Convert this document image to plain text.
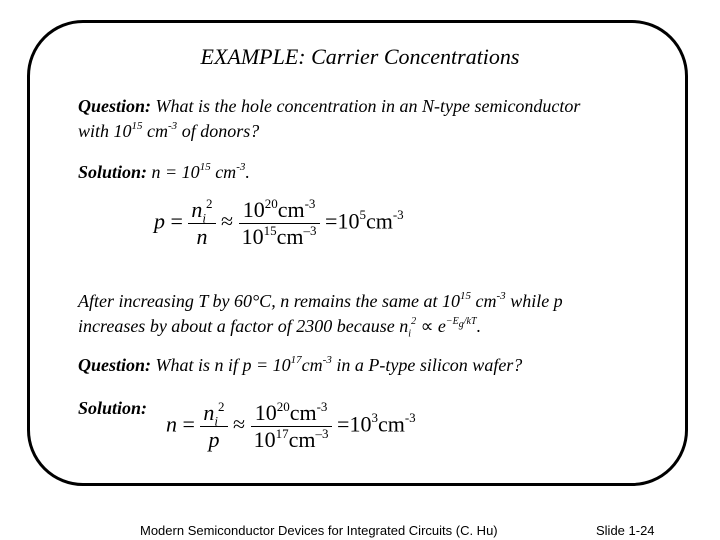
EXAMPLE: Carrier Concentrations
Question: What is the hole concentration in an N-type semiconductor
with $10^{15}$ $cm^{-3}$ of donors?
Solution: $n = 10^{15}$ $cm^{-3}$.
$p = \frac{n_i^2}{n} \approx \frac{10^{20}cm^{-3}}{10^{15}cm^{-3}} =10^5cm^{-3}$
After increasing T by 60°C, n remains the same at $10^{15}$ $cm^{-3}$ while p
increases by about a factor of 2300 because $n_i^2 \propto e^{-E_g/kT}$.
Question: What is n if $p = 10^{17}cm^{-3}$ in a P-type silicon wafer?
Solution:
$n = \frac{n_i^2}{p} \approx \frac{10^{20}cm^{-3}}{10^{17}cm^{-3}} =10^3cm^{-3}$
Modern Semiconductor Devices for Integrated Circuits (C. Hu)	Slide 1-24
